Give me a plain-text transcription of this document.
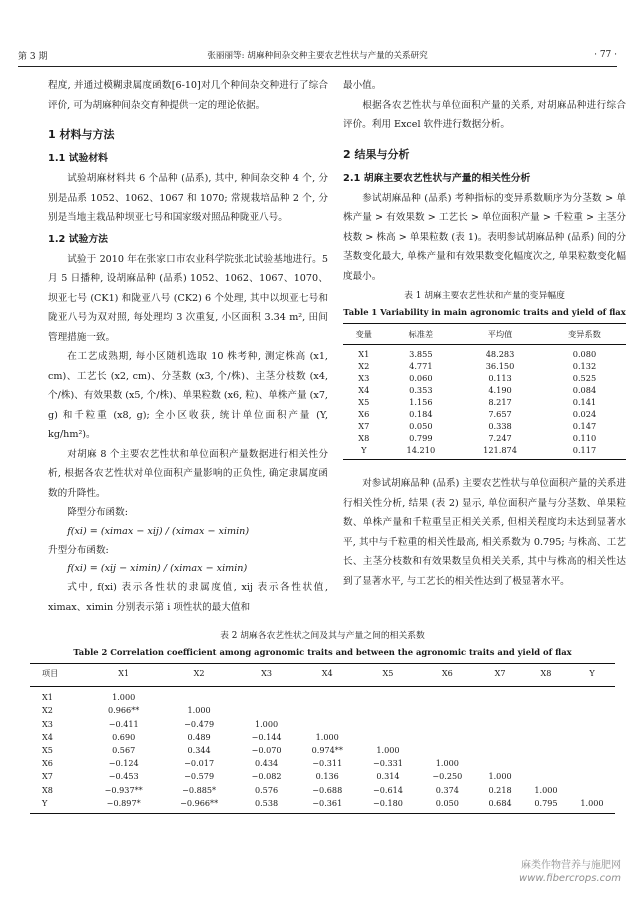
第 3 期	张丽丽等: 胡麻种间杂交种主要农艺性状与产量的关系研究	· 77 ·

程度, 并通过模糊隶属度函数[6-10]对几个种间杂交种进行了综合评价, 可为胡麻种间杂交育种提供一定的理论依据。

1 材料与方法
1.1 试验材料

试验胡麻材料共 6 个品种 (品系), 其中, 种间杂交种 4 个, 分别是品系 1052、1062、1067 和 1070; 常规栽培品种 2 个, 分别是当地主栽品种坝亚七号和国家级对照品种陇亚八号。

1.2 试验方法

试验于 2010 年在张家口市农业科学院张北试验基地进行。5 月 5 日播种, 设胡麻品种 (品系) 1052、1062、1067、1070、坝亚七号 (CK1) 和陇亚八号 (CK2) 6 个处理, 其中以坝亚七号和陇亚八号为双对照, 每处理均 3 次重复, 小区面积 3.34 m², 田间管理措施一致。

在工艺成熟期, 每小区随机选取 10 株考种, 测定株高 (x1, cm)、工艺长 (x2, cm)、分茎数 (x3, 个/株)、主茎分枝数 (x4, 个/株)、有效果数 (x5, 个/株)、单果粒数 (x6, 粒)、单株产量 (x7, g) 和千粒重 (x8, g); 全小区收获, 统计单位面积产量 (Y, kg/hm²)。

对胡麻 8 个主要农艺性状和单位面积产量数据进行相关性分析, 根据各农艺性状对单位面积产量影响的正负性, 确定隶属度函数的升降性。

降型分布函数:

f(xi) = (ximax − xij) / (ximax − ximin)

升型分布函数:

f(xi) = (xij − ximin) / (ximax − ximin)

式中, f(xi) 表示各性状的隶属度值, xij 表示各性状值, ximax、ximin 分别表示第 i 项性状的最大值和

最小值。

根据各农艺性状与单位面积产量的关系, 对胡麻品种进行综合评价。利用 Excel 软件进行数据分析。

2 结果与分析
2.1 胡麻主要农艺性状与产量的相关性分析

参试胡麻品种 (品系) 考种指标的变异系数顺序为分茎数 > 单株产量 > 有效果数 > 工艺长 > 单位面积产量 > 千粒重 > 主茎分枝数 > 株高 > 单果粒数 (表 1)。表明参试胡麻品种 (品系) 间的分茎数变化最大, 单株产量和有效果数变化幅度次之, 单果粒数变化幅度最小。

表 1 胡麻主要农艺性状和产量的变异幅度
Table 1 Variability in main agronomic traits and yield of flax
变量	标准差	平均值	变异系数
X1	3.855	48.283	0.080
X2	4.771	36.150	0.132
X3	0.060	0.113	0.525
X4	0.353	4.190	0.084
X5	1.156	8.217	0.141
X6	0.184	7.657	0.024
X7	0.050	0.338	0.147
X8	0.799	7.247	0.110
Y	14.210	121.874	0.117

对参试胡麻品种 (品系) 主要农艺性状与单位面积产量的关系进行相关性分析, 结果 (表 2) 显示, 单位面积产量与分茎数、单果粒数、单株产量和千粒重呈正相关关系, 但相关程度均未达到显著水平, 其中与千粒重的相关性最高, 相关系数为 0.795; 与株高、工艺长、主茎分枝数和有效果数呈负相关关系, 其中与株高的相关性达到了显著水平, 与工艺长的相关性达到了极显著水平。

表 2 胡麻各农艺性状之间及其与产量之间的相关系数
Table 2 Correlation coefficient among agronomic traits and between the agronomic traits and yield of flax
项目	X1	X2	X3	X4	X5	X6	X7	X8	Y
X1	1.000								
X2	0.966**	1.000							
X3	−0.411	−0.479	1.000						
X4	0.690	0.489	−0.144	1.000					
X5	0.567	0.344	−0.070	0.974**	1.000				
X6	−0.124	−0.017	0.434	−0.311	−0.331	1.000			
X7	−0.453	−0.579	−0.082	0.136	0.314	−0.250	1.000		
X8	−0.937**	−0.885*	0.576	−0.688	−0.614	0.374	0.218	1.000	
Y	−0.897*	−0.966**	0.538	−0.361	−0.180	0.050	0.684	0.795	1.000
麻类作物营养与施肥网
www.fibercrops.com
